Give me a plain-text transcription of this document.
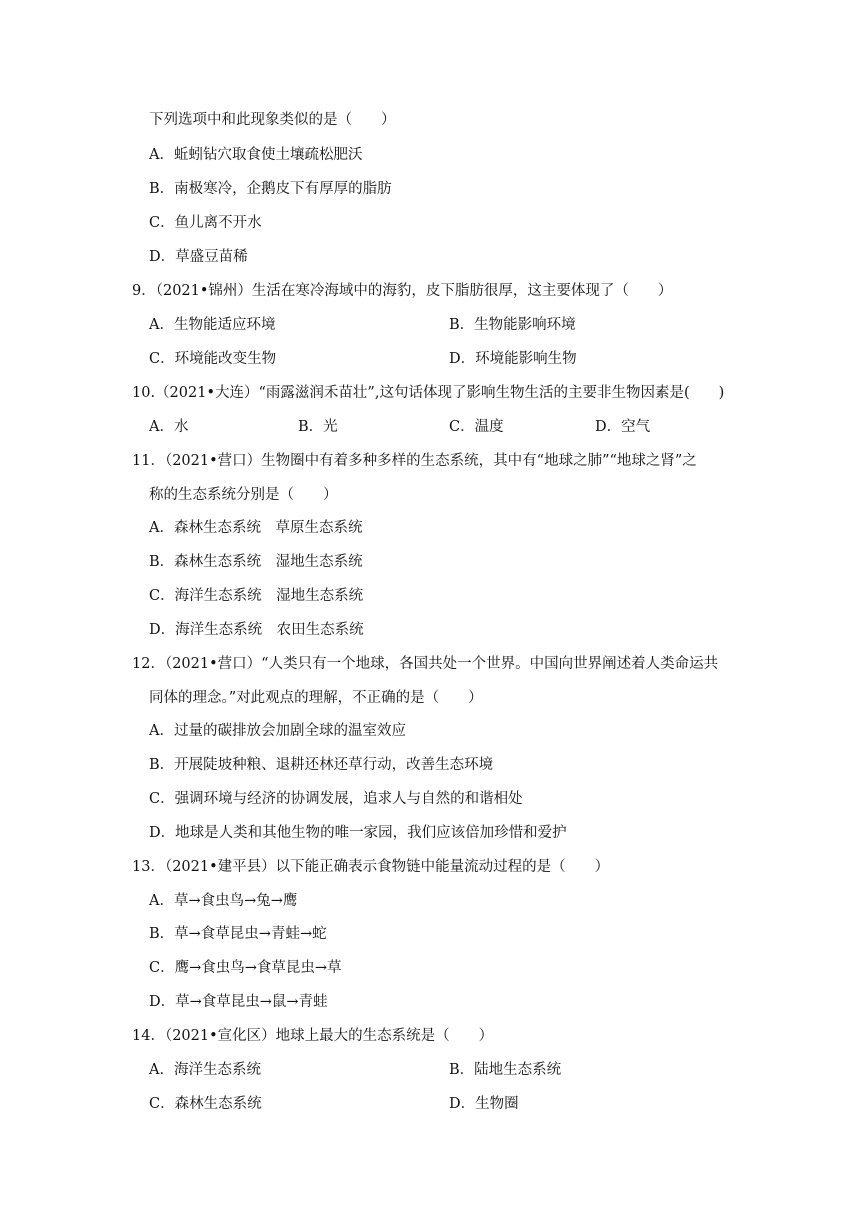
下列选项中和此现象类似的是（　　）
A．蚯蚓钻穴取食使土壤疏松肥沃
B．南极寒冷，企鹅皮下有厚厚的脂肪
C．鱼儿离不开水
D．草盛豆苗稀
9．（2021•锦州）生活在寒冷海域中的海豹，皮下脂肪很厚，这主要体现了（　　）
A．生物能适应环境	B．生物能影响环境
C．环境能改变生物	D．环境能影响生物
10.（2021•大连）“雨露滋润禾苗壮”,这句话体现了影响生物生活的主要非生物因素是(　　)
A．水	B．光	C．温度	D．空气
11．（2021•营口）生物圈中有着多种多样的生态系统，其中有“地球之肺”“地球之肾”之
称的生态系统分别是（　　）
A．森林生态系统　草原生态系统
B．森林生态系统　湿地生态系统
C．海洋生态系统　湿地生态系统
D．海洋生态系统　农田生态系统
12．（2021•营口）“人类只有一个地球，各国共处一个世界。中国向世界阐述着人类命运共
同体的理念。”对此观点的理解，不正确的是（　　）
A．过量的碳排放会加剧全球的温室效应
B．开展陡坡种粮、退耕还林还草行动，改善生态环境
C．强调环境与经济的协调发展，追求人与自然的和谐相处
D．地球是人类和其他生物的唯一家园，我们应该倍加珍惜和爱护
13．（2021•建平县）以下能正确表示食物链中能量流动过程的是（　　）
A．草→食虫鸟→兔→鹰
B．草→食草昆虫→青蛙→蛇
C．鹰→食虫鸟→食草昆虫→草
D．草→食草昆虫→鼠→青蛙
14．（2021•宣化区）地球上最大的生态系统是（　　）
A．海洋生态系统	B．陆地生态系统
C．森林生态系统	D．生物圈
